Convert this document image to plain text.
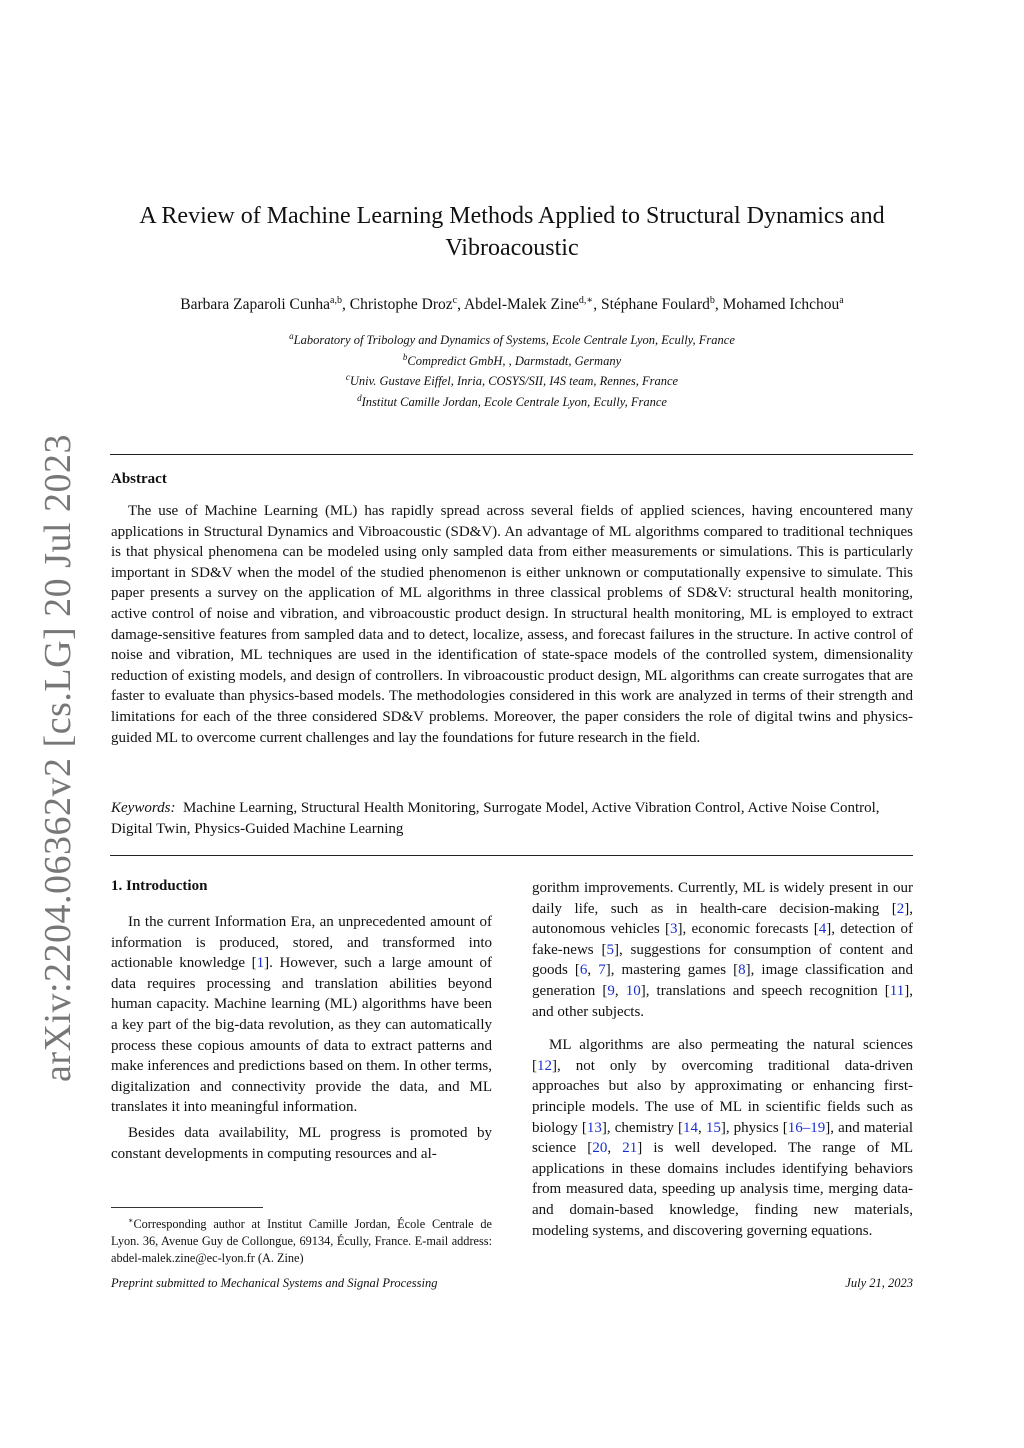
arXiv:2204.06362v2 [cs.LG] 20 Jul 2023
A Review of Machine Learning Methods Applied to Structural Dynamics and
Vibroacoustic
Barbara Zaparoli Cunha$^{a,b}$, Christophe Droz$^c$, Abdel-Malek Zine$^{d,∗}$, Stéphane Foulard$^b$, Mohamed Ichchou$^a$
$^a$Laboratory of Tribology and Dynamics of Systems, Ecole Centrale Lyon, Ecully, France
$^b$Compredict GmbH, , Darmstadt, Germany
$^c$Univ. Gustave Eiffel, Inria, COSYS/SII, I4S team, Rennes, France
$^d$Institut Camille Jordan, Ecole Centrale Lyon, Ecully, France
Abstract

The use of Machine Learning (ML) has rapidly spread across several fields of applied sciences, having encountered many applications in Structural Dynamics and Vibroacoustic (SD&V). An advantage of ML algorithms compared to traditional techniques is that physical phenomena can be modeled using only sampled data from either measurements or simulations. This is particularly important in SD&V when the model of the studied phenomenon is either unknown or computationally expensive to simulate. This paper presents a survey on the application of ML algorithms in three classical problems of SD&V: structural health monitoring, active control of noise and vibration, and vibroacoustic product design. In structural health monitoring, ML is employed to extract damage-sensitive features from sampled data and to detect, localize, assess, and forecast failures in the structure. In active control of noise and vibration, ML techniques are used in the identification of state-space models of the controlled system, dimensionality reduction of existing models, and design of controllers. In vibroacoustic product design, ML algorithms can create surrogates that are faster to evaluate than physics-based models. The methodologies considered in this work are analyzed in terms of their strength and limitations for each of the three considered SD&V problems. Moreover, the paper considers the role of digital twins and physics-guided ML to overcome current challenges and lay the foundations for future research in the field.

Keywords: Machine Learning, Structural Health Monitoring, Surrogate Model, Active Vibration Control, Active Noise Control, Digital Twin, Physics-Guided Machine Learning

1. Introduction

In the current Information Era, an unprecedented amount of information is produced, stored, and transformed into actionable knowledge [1]. However, such a large amount of data requires processing and translation abilities beyond human capacity. Machine learning (ML) algorithms have been a key part of the big-data revolution, as they can automatically process these copious amounts of data to extract patterns and make inferences and predictions based on them. In other terms, digitalization and connectivity provide the data, and ML translates it into meaningful information.

Besides data availability, ML progress is promoted by constant developments in computing resources and al-

gorithm improvements. Currently, ML is widely present in our daily life, such as in health-care decision-making [2], autonomous vehicles [3], economic forecasts [4], detection of fake-news [5], suggestions for consumption of content and goods [6, 7], mastering games [8], image classification and generation [9, 10], translations and speech recognition [11], and other subjects.

ML algorithms are also permeating the natural sciences [12], not only by overcoming traditional data-driven approaches but also by approximating or enhancing first-principle models. The use of ML in scientific fields such as biology [13], chemistry [14, 15], physics [16–19], and material science [20, 21] is well developed. The range of ML applications in these domains includes identifying behaviors from measured data, speeding up analysis time, merging data- and domain-based knowledge, finding new materials, modeling systems, and discovering governing equations.

∗Corresponding author at Institut Camille Jordan, École Centrale de Lyon. 36, Avenue Guy de Collongue, 69134, Écully, France. E-mail address: abdel-malek.zine@ec-lyon.fr (A. Zine)

Preprint submitted to Mechanical Systems and Signal Processing	July 21, 2023
